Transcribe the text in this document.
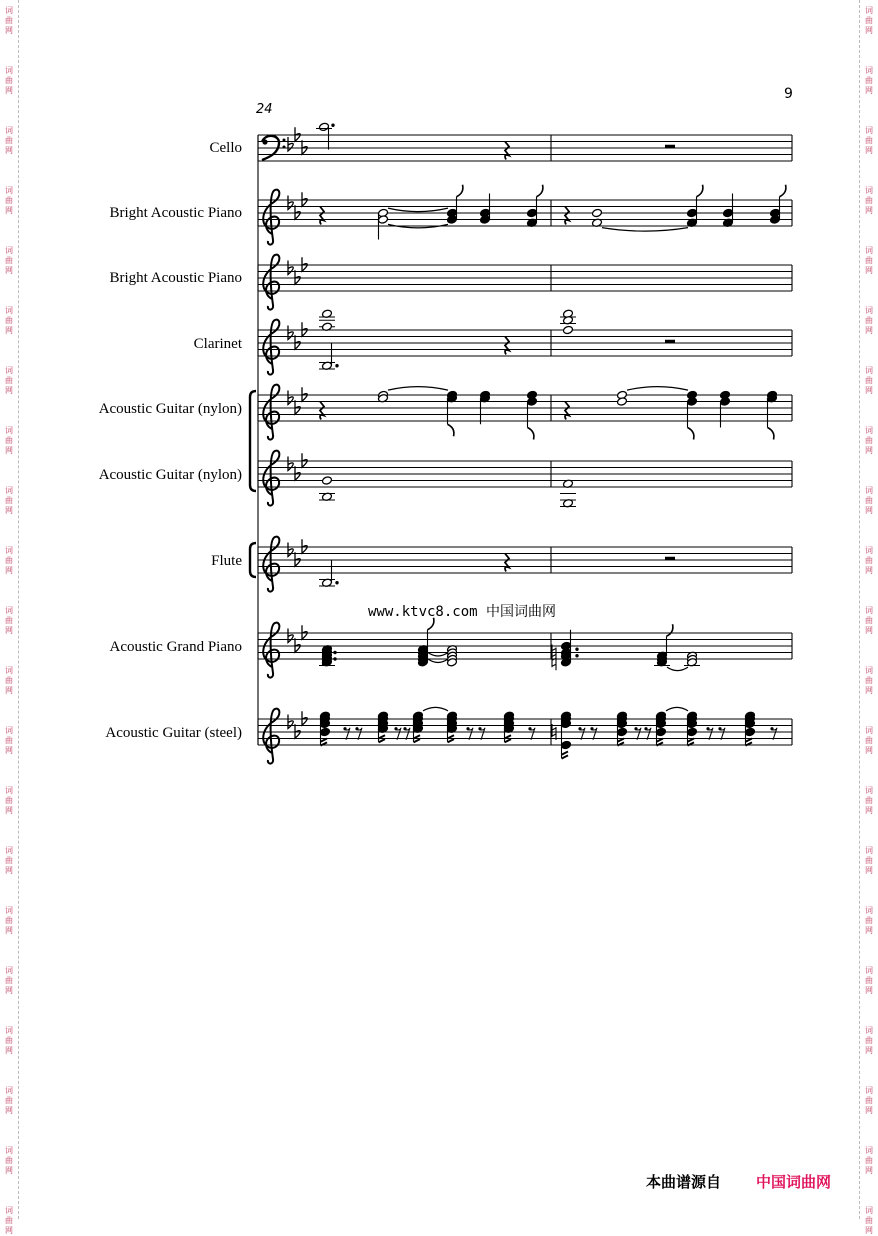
9
24
Cello
Bright Acoustic Piano
Bright Acoustic Piano
Clarinet
Acoustic Guitar (nylon)
Acoustic Guitar (nylon)
Flute
Acoustic Grand Piano
Acoustic Guitar (steel)
www.ktvc8.com 中国词曲网
本曲谱源自 中国词曲网
词
曲
网
词
曲
网
词
曲
网
词
曲
网
词
曲
网
词
曲
网
词
曲
网
词
曲
网
词
曲
网
词
曲
网
词
曲
网
词
曲
网
词
曲
网
词
曲
网
词
曲
网
词
曲
网
词
曲
网
词
曲
网
词
曲
网
词
曲
网
词
曲
网
词
曲
网
词
曲
网
词
曲
网
词
曲
网
词
曲
网
词
曲
网
词
曲
网
词
曲
网
词
曲
网
词
曲
网
词
曲
网
词
曲
网
词
曲
网
词
曲
网
词
曲
网
词
曲
网
词
曲
网
词
曲
网
词
曲
网
词
曲
网
词
曲
网
